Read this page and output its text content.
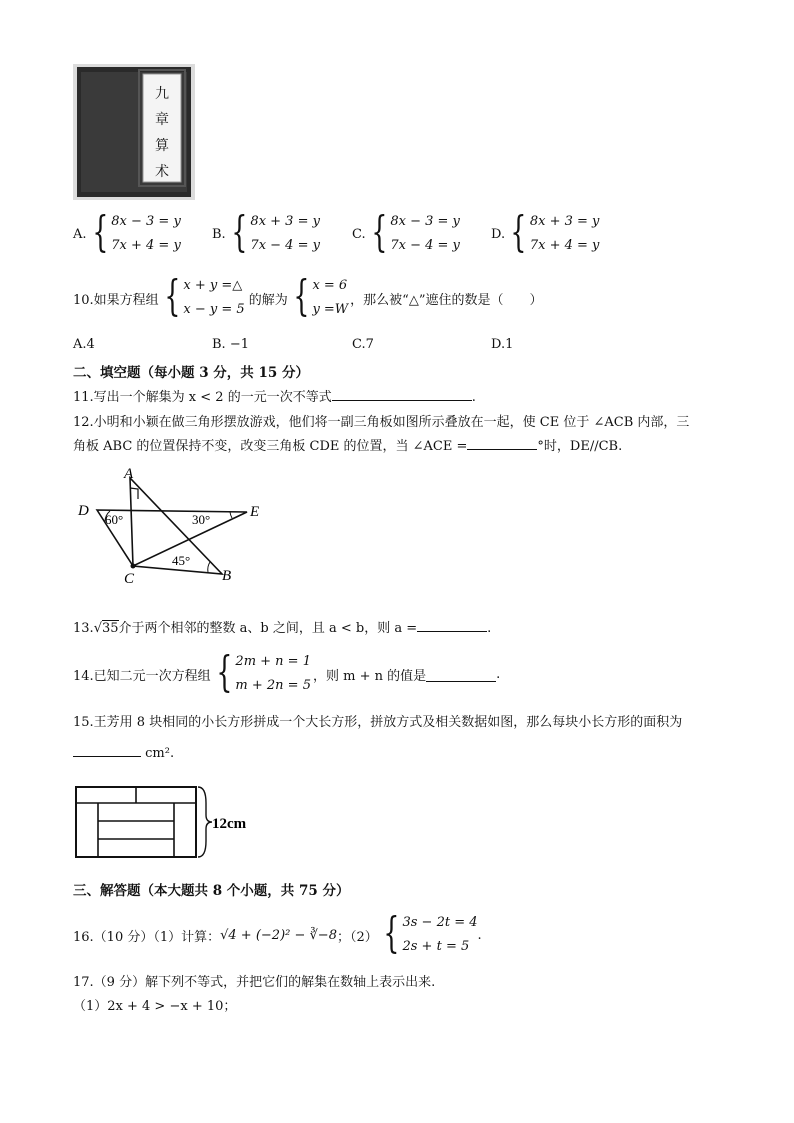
九
章
算
术
A. { 8x − 3 = y
7x + 4 = y
B. { 8x + 3 = y
7x − 4 = y
C. { 8x − 3 = y
7x − 4 = y
D. { 8x + 3 = y
7x + 4 = y
10.如果方程组 { x + y =△
x − y = 5
的解为 { x = 6
y =W
，那么被“△”遮住的数是（　　）
A.4	B. −1	C.7	D.1
二、填空题（每小题 3 分，共 15 分）
11.写出一个解集为 x < 2 的一元一次不等式	.
12.小明和小颖在做三角形摆放游戏，他们将一副三角板如图所示叠放在一起，使 CE 位于 ∠ACB 内部，三
角板 ABC 的位置保持不变，改变三角板 CDE 的位置，当 ∠ACE =	°时，DE//CB.
A
D	E
C	B
60°	30°
45°
13.√35介于两个相邻的整数 a、b 之间，且 a < b，则 a =	.
14.已知二元一次方程组 { 2m + n = 1
m + 2n = 5
，则 m + n 的值是	.
15.王芳用 8 块相同的小长方形拼成一个大长方形，拼放方式及相关数据如图，那么每块小长方形的面积为
cm².
12cm
三、解答题（本大题共 8 个小题，共 75 分）
16.（10 分）（1）计算： √4 + (−2)² − ∛−8 ；（2） { 3s − 2t = 4
2s + t = 5
.
17.（9 分）解下列不等式，并把它们的解集在数轴上表示出来.
（1）2x + 4 > −x + 10；
